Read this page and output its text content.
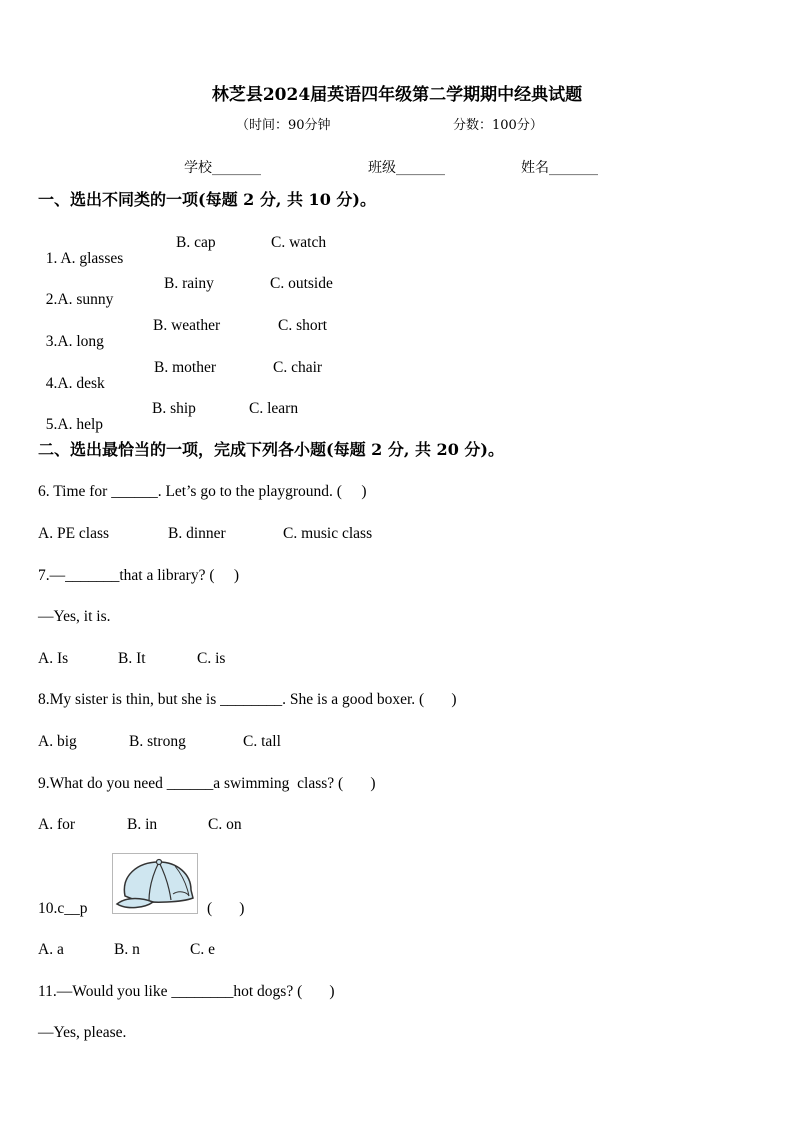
林芝县2024届英语四年级第二学期期中经典试题
（时间：90分钟	分数：100分）
学校_______	班级_______	姓名_______
一、选出不同类的一项(每题 2 分, 共 10 分)。

1. A. glasses

B. cap	C. watch

2.A. sunny

B. rainy	C. outside

3.A. long

B. weather	C. short

4.A. desk

B. mother	C. chair

5.A. help

B. ship	C. learn
二、选出最恰当的一项，完成下列各小题(每题 2 分, 共 20 分)。
6. Time for ______. Let’s go to the playground. (     )
A. PE class	B. dinner	C. music class
7.—_______that a library? (     )
—Yes, it is.
A. Is	B. It	C. is
8.My sister is thin, but she is ________. She is a good boxer. (       )
A. big	B. strong	C. tall
9.What do you need ______a swimming  class? (       )
A. for	B. in	C. on
10.c__p	(       )
A. a	B. n	C. e
11.—Would you like ________hot dogs? (       )
—Yes, please.
